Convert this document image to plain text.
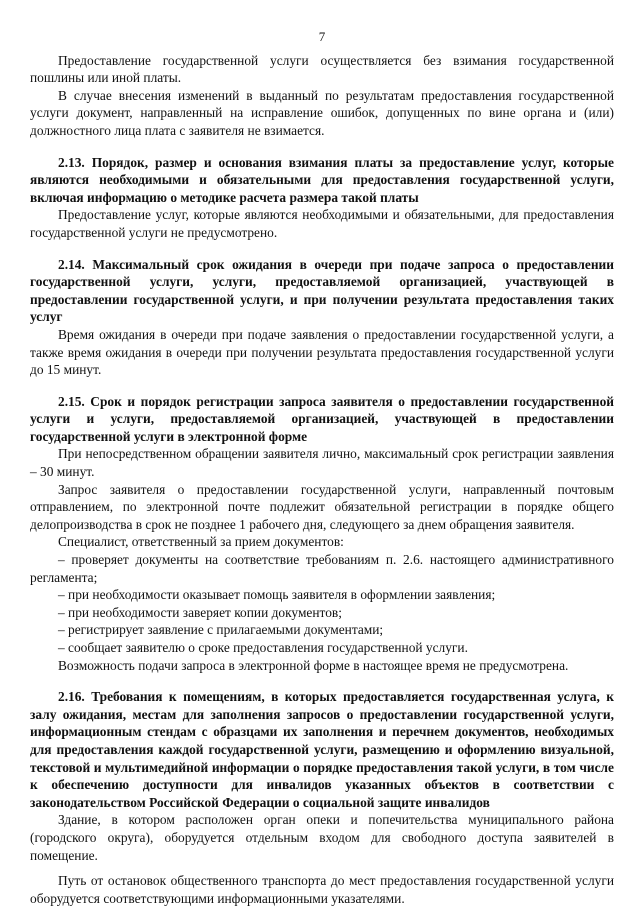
7

Предоставление государственной услуги осуществляется без взимания государственной пошлины или иной платы.

В случае внесения изменений в выданный по результатам предоставления государственной услуги документ, направленный на исправление ошибок, допущенных по вине органа и (или) должностного лица плата с заявителя не взимается.

2.13. Порядок, размер и основания взимания платы за предоставление услуг, которые являются необходимыми и обязательными для предоставления государственной услуги, включая информацию о методике расчета размера такой платы

Предоставление услуг, которые являются необходимыми и обязательными, для предоставления государственной услуги не предусмотрено.

2.14. Максимальный срок ожидания в очереди при подаче запроса о предоставлении государственной услуги, услуги, предоставляемой организацией, участвующей в предоставлении государственной услуги, и при получении результата предоставления таких услуг

Время ожидания в очереди при подаче заявления о предоставлении государственной услуги, а также время ожидания в очереди при получении результата предоставления государственной услуги до 15 минут.

2.15. Срок и порядок регистрации запроса заявителя о предоставлении государственной услуги и услуги, предоставляемой организацией, участвующей в предоставлении государственной услуги в электронной форме

При непосредственном обращении заявителя лично, максимальный срок регистрации заявления – 30 минут.

Запрос заявителя о предоставлении государственной услуги, направленный почтовым отправлением, по электронной почте подлежит обязательной регистрации в порядке общего делопроизводства в срок не позднее 1 рабочего дня, следующего за днем обращения заявителя.

Специалист, ответственный за прием документов:

– проверяет документы на соответствие требованиям п. 2.6. настоящего административного регламента;
– при необходимости оказывает помощь заявителя в оформлении заявления;
– при необходимости заверяет копии документов;
– регистрирует заявление с прилагаемыми документами;
– сообщает заявителю о сроке предоставления государственной услуги.

Возможность подачи запроса в электронной форме в настоящее время не предусмотрена.

2.16. Требования к помещениям, в которых предоставляется государственная услуга, к залу ожидания, местам для заполнения запросов о предоставлении государственной услуги, информационным стендам с образцами их заполнения и перечнем документов, необходимых для предоставления каждой государственной услуги, размещению и оформлению визуальной, текстовой и мультимедийной информации о порядке предоставления такой услуги, в том числе к обеспечению доступности для инвалидов указанных объектов в соответствии с законодательством Российской Федерации о социальной защите инвалидов

Здание, в котором расположен орган опеки и попечительства муниципального района (городского округа), оборудуется отдельным входом для свободного доступа заявителей в помещение.

Путь от остановок общественного транспорта до мест предоставления государственной услуги оборудуется соответствующими информационными указателями.
